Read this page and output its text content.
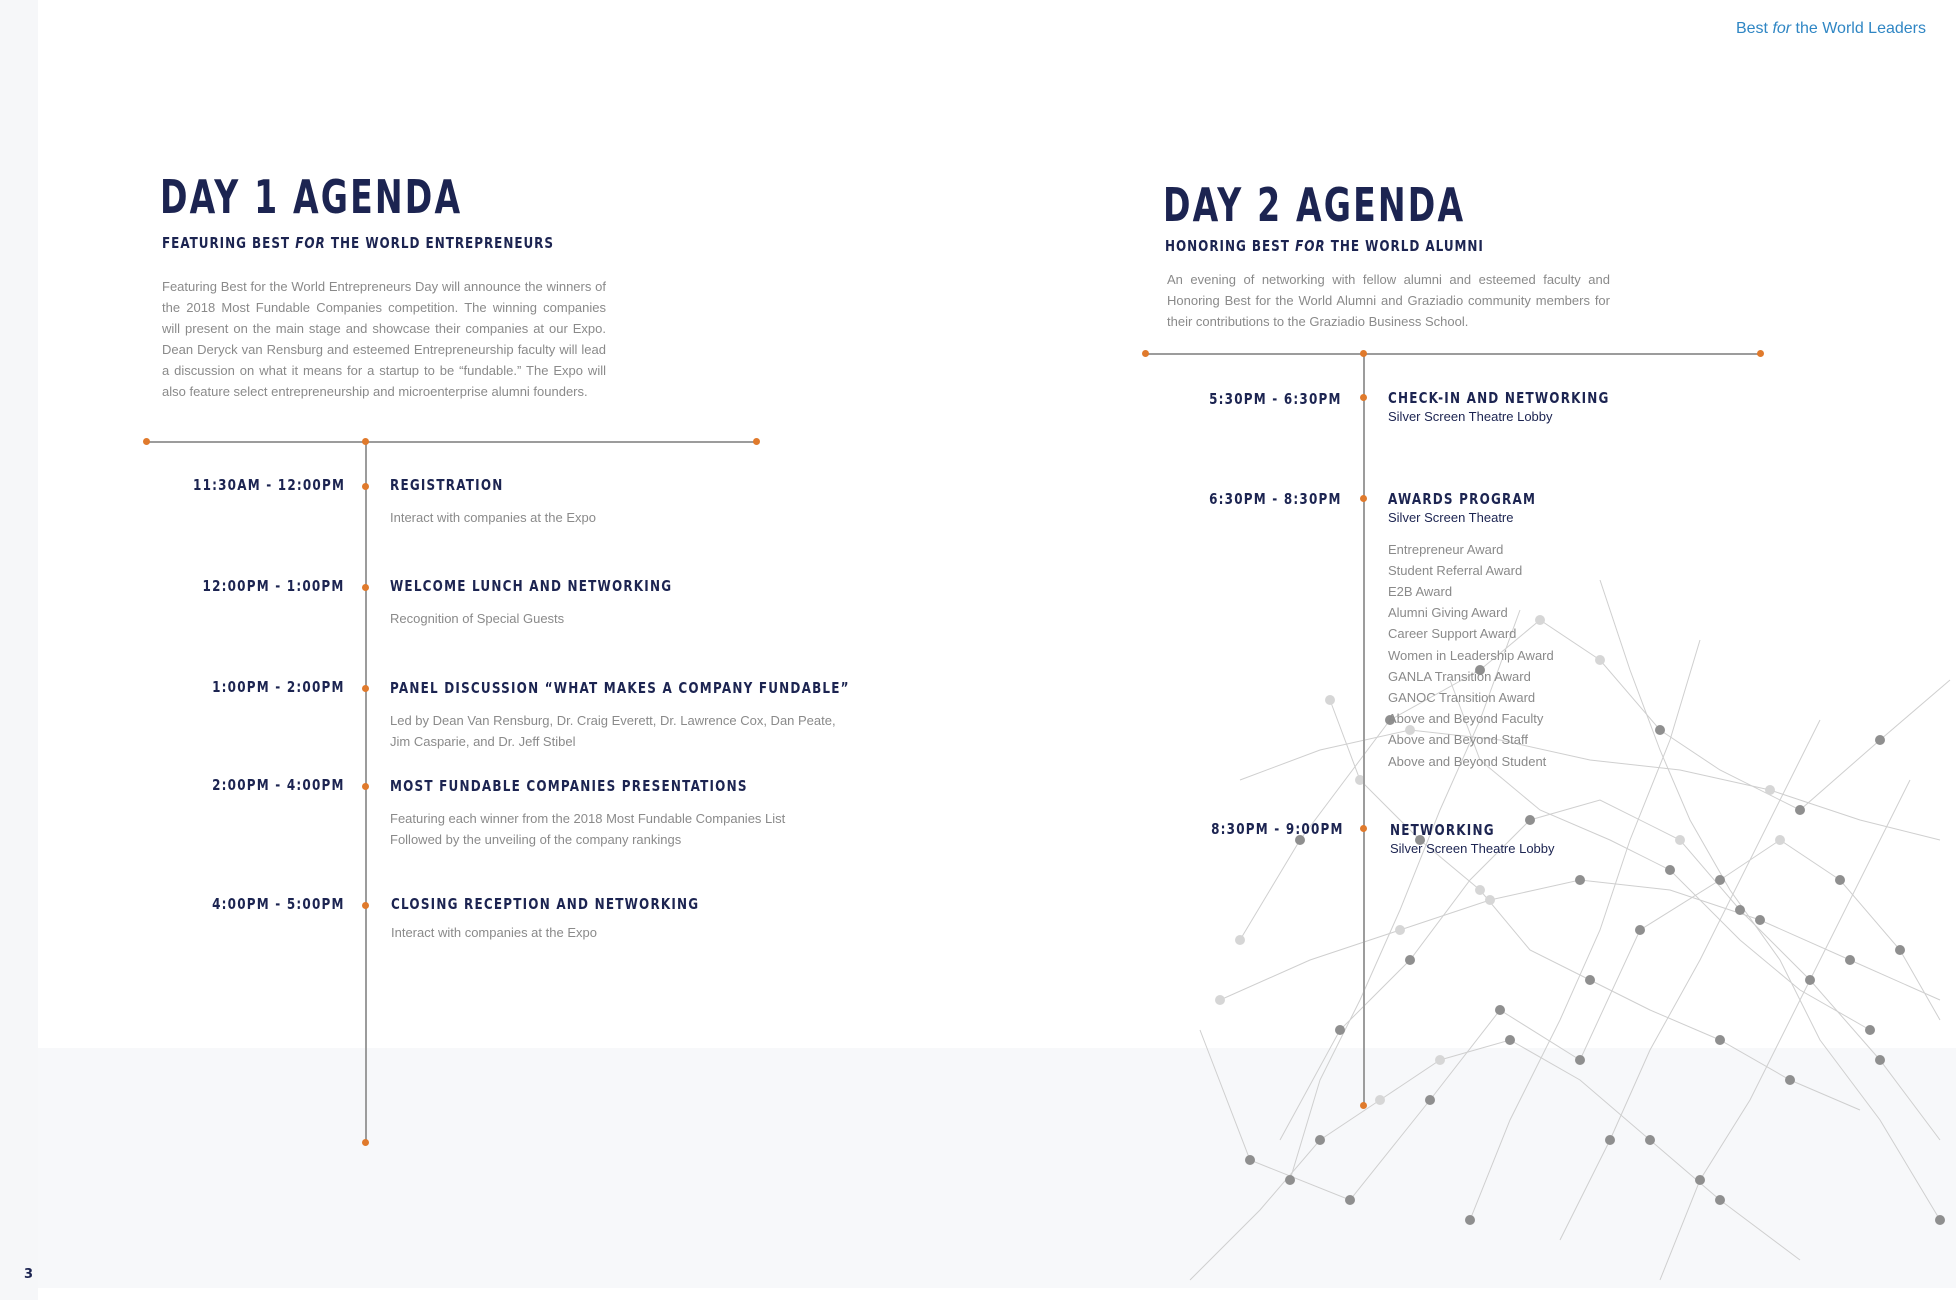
Best for the World Leaders
3
DAY 1 AGENDA
FEATURING BEST FOR THE WORLD ENTREPRENEURS
Featuring Best for the World Entrepreneurs Day will announce the winners of the 2018 Most Fundable Companies competition. The winning companies will present on the main stage and showcase their companies at our Expo. Dean Deryck van Rensburg and esteemed Entrepreneurship faculty will lead a discussion on what it means for a startup to be “fundable.” The Expo will also feature select entrepreneurship and microenterprise alumni founders.
11:30AM - 12:00PM	REGISTRATION
Interact with companies at the Expo
12:00PM - 1:00PM	WELCOME LUNCH AND NETWORKING
Recognition of Special Guests
1:00PM - 2:00PM	PANEL DISCUSSION “WHAT MAKES A COMPANY FUNDABLE”
Led by Dean Van Rensburg, Dr. Craig Everett, Dr. Lawrence Cox, Dan Peate,
Jim Casparie, and Dr. Jeff Stibel
2:00PM - 4:00PM	MOST FUNDABLE COMPANIES PRESENTATIONS
Featuring each winner from the 2018 Most Fundable Companies List
Followed by the unveiling of the company rankings
4:00PM - 5:00PM	CLOSING RECEPTION AND NETWORKING
Interact with companies at the Expo
DAY 2 AGENDA
HONORING BEST FOR THE WORLD ALUMNI
An evening of networking with fellow alumni and esteemed faculty and Honoring Best for the World Alumni and Graziadio community members for their contributions to the Graziadio Business School.
5:30PM - 6:30PM	CHECK-IN AND NETWORKING
Silver Screen Theatre Lobby
6:30PM - 8:30PM	AWARDS PROGRAM
Silver Screen Theatre
Entrepreneur Award
Student Referral Award
E2B Award
Alumni Giving Award
Career Support Award
Women in Leadership Award
GANLA Transition Award
GANOC Transition Award
Above and Beyond Faculty
Above and Beyond Staff
Above and Beyond Student
8:30PM - 9:00PM	NETWORKING
Silver Screen Theatre Lobby
